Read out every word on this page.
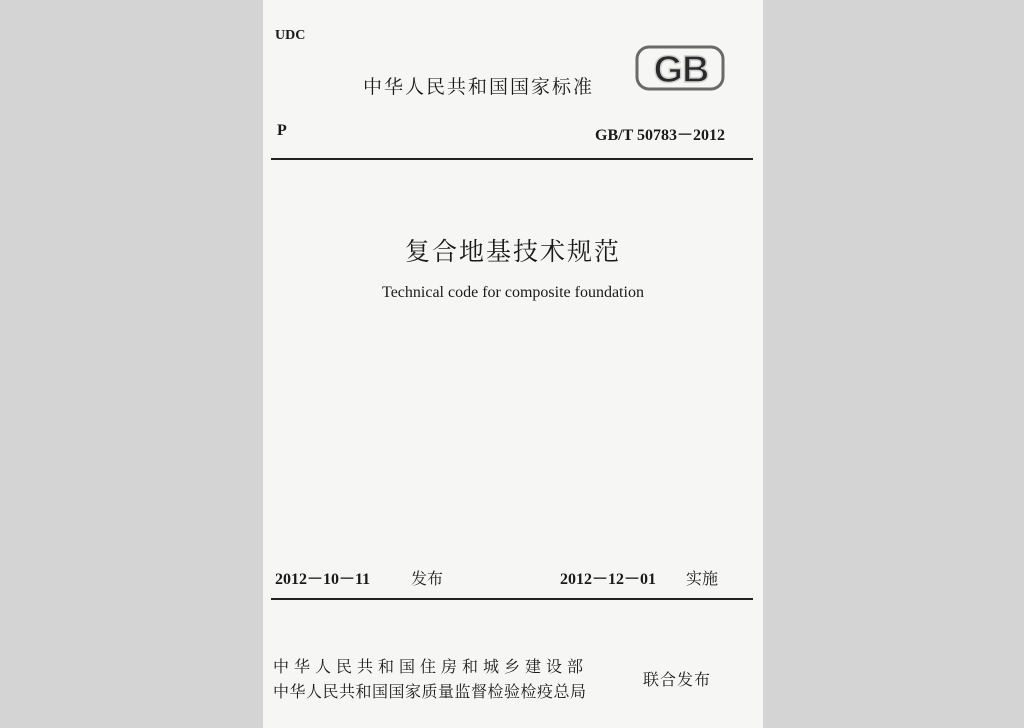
UDC
中华人民共和国国家标准 GB
P	GB/T 50783－2012
复合地基技术规范
Technical code for composite foundation
2012－10－11	发布	2012－12－01 实施
中华人民共和国住房和城乡建设部
中华人民共和国国家质量监督检验检疫总局
联合发布
